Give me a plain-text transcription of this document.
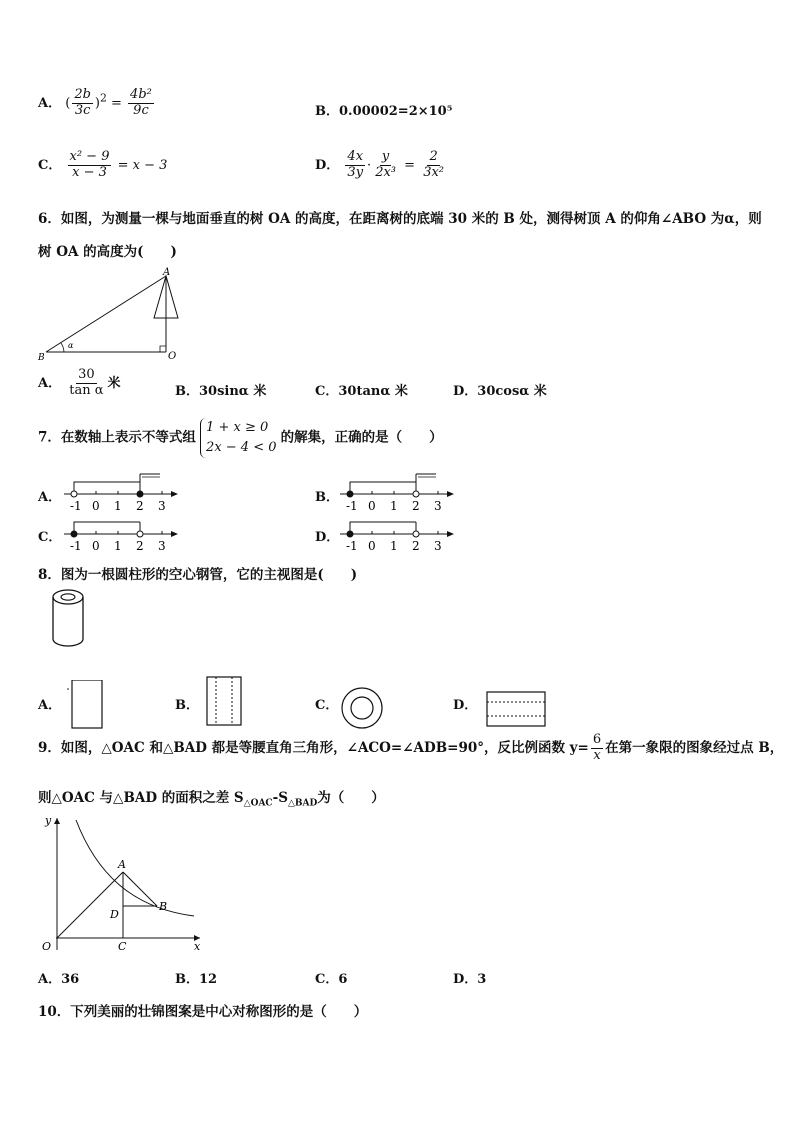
A． ( $\frac{2b}{3c} )^2 = \frac{\text{4b²}}{9c}$	B．0.00002=2×10⁵
C． $\frac{\text{x² − 9}}{x - 3} = x - 3$	D． $\frac{4x}{3y} \cdot \frac{y}{\text{2x³}} = \frac{2}{\text{3x²}}$
6．如图，为测量一棵与地面垂直的树 OA 的高度，在距离树的底端 30 米的 B 处，测得树顶 A 的仰角∠ABO 为α，则
树 OA 的高度为(　　)
α
A
B	O
A． $\frac{30}{\text{tan α}}$ 米
B．30sinα 米	C．30tanα 米	D．30cosα 米
7．在数轴上表示不等式组 1 + x ≥ 0
2x − 4 < 0 的解集，正确的是（　　）
A．
-1 0 1 2 3
B．
-1 0 1 2 3
C．
-1 0 1 2 3
D．
-1 0 1 2 3
8．图为一根圆柱形的空心钢管，它的主视图是(　　)
A．	B．	C．	D．
9．如图，△OAC 和△BAD 都是等腰直角三角形，∠ACO=∠ADB=90°，反比例函数 $y= \frac{6}{x}$ 在第一象限的图象经过点 B，
则△OAC 与△BAD 的面积之差 $S_{\triangle OAC}-S_{\triangle BAD}$为（　　）
y
x
O
A
B
C
D
A．36	B．12	C．6	D．3
10．下列美丽的壮锦图案是中心对称图形的是（　　）
